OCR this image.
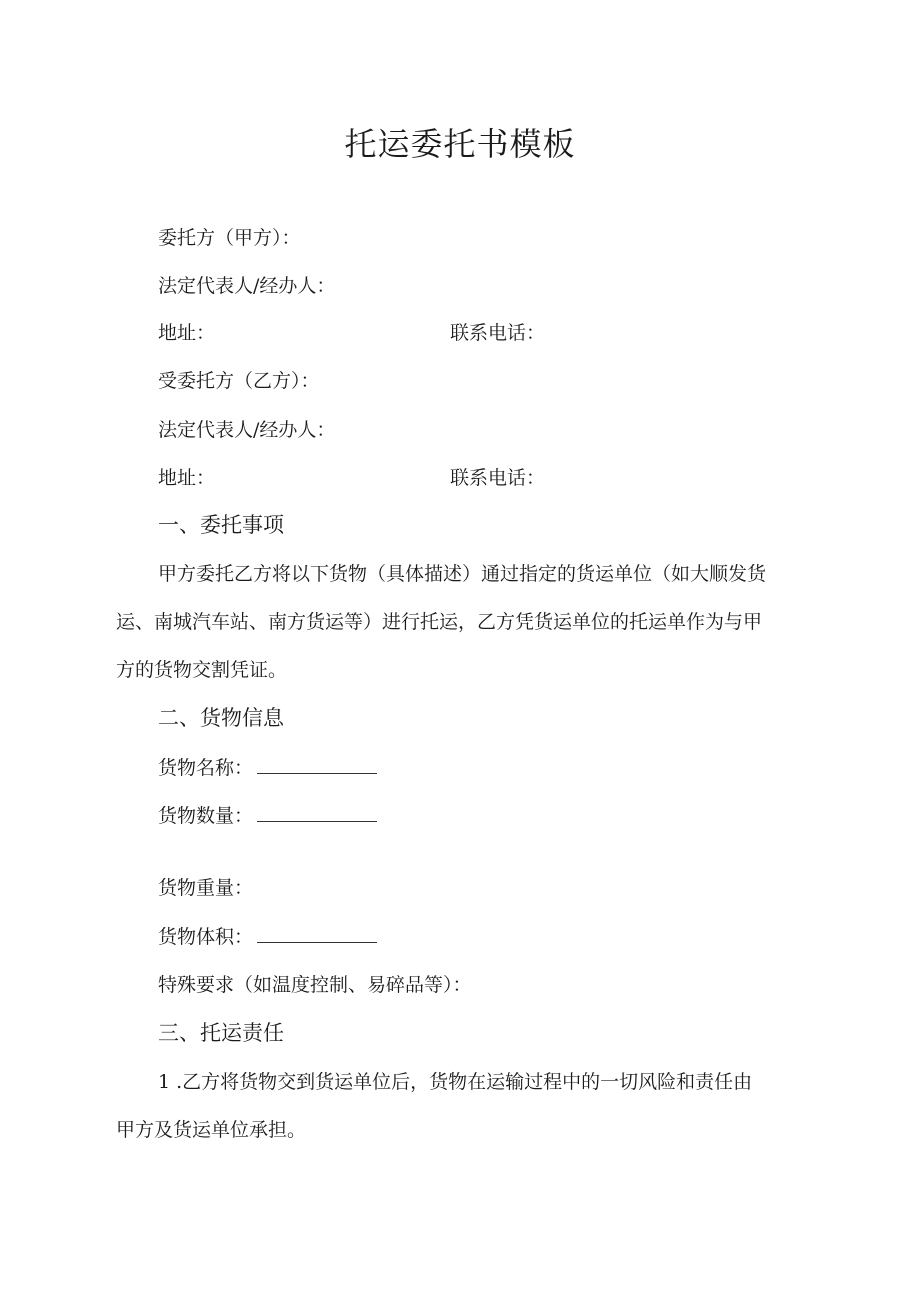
托运委托书模板
委托方（甲方）：
法定代表人/经办人：
地址：	联系电话：
受委托方（乙方）：
法定代表人/经办人：
地址：	联系电话：
一、委托事项
甲方委托乙方将以下货物（具体描述）通过指定的货运单位（如大顺发货
运、南城汽车站、南方货运等）进行托运，乙方凭货运单位的托运单作为与甲
方的货物交割凭证。
二、货物信息
货物名称：
货物数量：
货物重量：
货物体积：
特殊要求（如温度控制、易碎品等）：
三、托运责任
1 .乙方将货物交到货运单位后，货物在运输过程中的一切风险和责任由
甲方及货运单位承担。
